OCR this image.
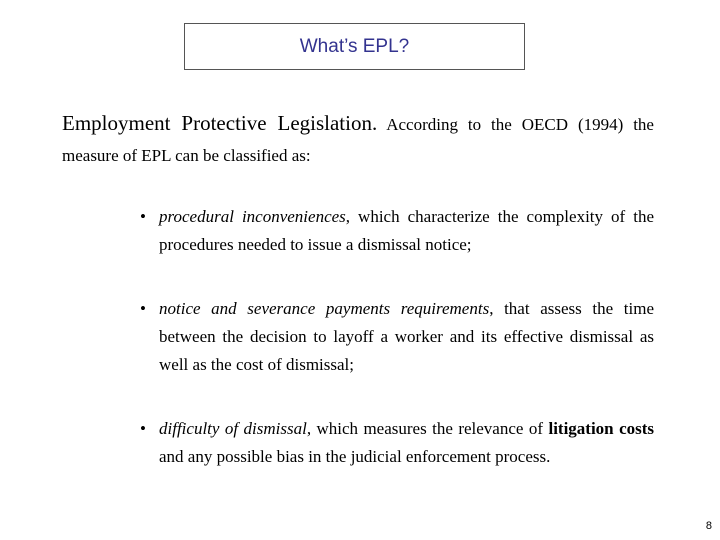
What’s EPL?
Employment Protective Legislation. According to the OECD (1994) the measure of EPL can be classified as:
• procedural inconveniences, which characterize the complexity of the procedures needed to issue a dismissal notice;
• notice and severance payments requirements, that assess the time between the decision to layoff a worker and its effective dismissal as well as the cost of dismissal;
• difficulty of dismissal, which measures the relevance of litigation costs and any possible bias in the judicial enforcement process.
8
